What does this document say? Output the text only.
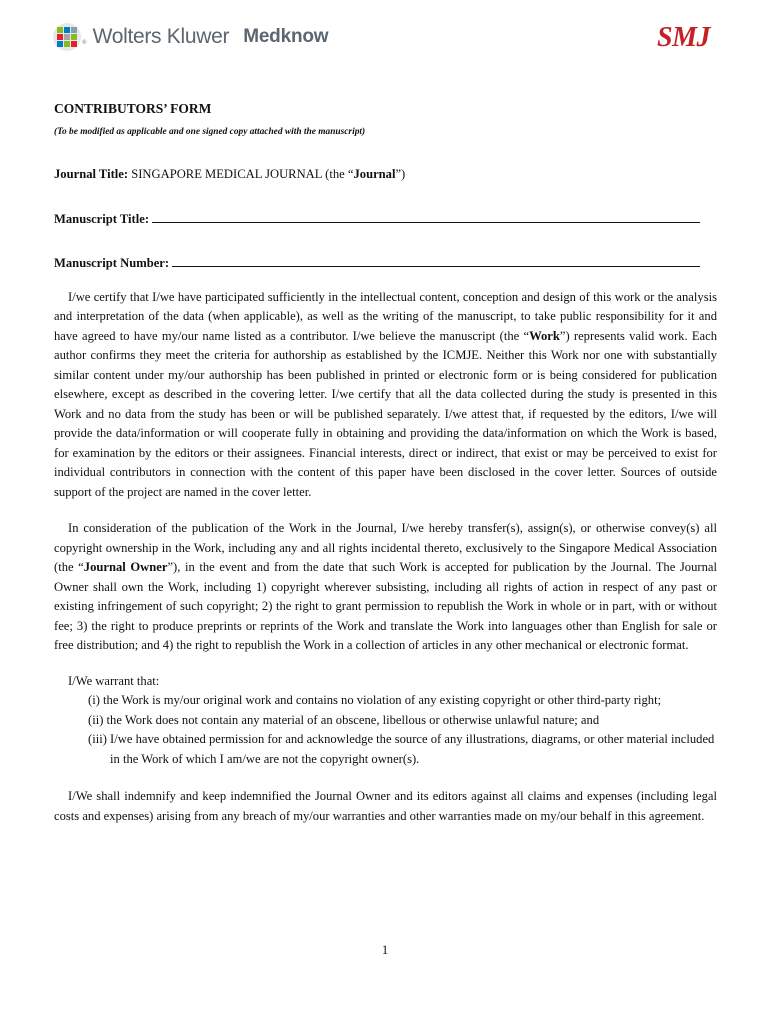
® Wolters Kluwer Medknow	SMJ
CONTRIBUTORS’ FORM
(To be modified as applicable and one signed copy attached with the manuscript)
Journal Title: SINGAPORE MEDICAL JOURNAL (the “Journal”)
Manuscript Title:
Manuscript Number:
I/we certify that I/we have participated sufficiently in the intellectual content, conception and design of this work or the analysis and interpretation of the data (when applicable), as well as the writing of the manuscript, to take public responsibility for it and have agreed to have my/our name listed as a contributor. I/we believe the manuscript (the “Work”) represents valid work. Each author confirms they meet the criteria for authorship as established by the ICMJE. Neither this Work nor one with substantially similar content under my/our authorship has been published in printed or electronic form or is being considered for publication elsewhere, except as described in the covering letter. I/we certify that all the data collected during the study is presented in this Work and no data from the study has been or will be published separately. I/we attest that, if requested by the editors, I/we will provide the data/information or will cooperate fully in obtaining and providing the data/information on which the Work is based, for examination by the editors or their assignees. Financial interests, direct or indirect, that exist or may be perceived to exist for individual contributors in connection with the content of this paper have been disclosed in the cover letter. Sources of outside support of the project are named in the cover letter.
In consideration of the publication of the Work in the Journal, I/we hereby transfer(s), assign(s), or otherwise convey(s) all copyright ownership in the Work, including any and all rights incidental thereto, exclusively to the Singapore Medical Association (the “Journal Owner”), in the event and from the date that such Work is accepted for publication by the Journal. The Journal Owner shall own the Work, including 1) copyright wherever subsisting, including all rights of action in respect of any past or existing infringement of such copyright; 2) the right to grant permission to republish the Work in whole or in part, with or without fee; 3) the right to produce preprints or reprints of the Work and translate the Work into languages other than English for sale or free distribution; and 4) the right to republish the Work in a collection of articles in any other mechanical or electronic format.
I/We warrant that:
(i) the Work is my/our original work and contains no violation of any existing copyright or other third-party right;
(ii) the Work does not contain any material of an obscene, libellous or otherwise unlawful nature; and
(iii) I/we have obtained permission for and acknowledge the source of any illustrations, diagrams, or other material included in the Work of which I am/we are not the copyright owner(s).
I/We shall indemnify and keep indemnified the Journal Owner and its editors against all claims and expenses (including legal costs and expenses) arising from any breach of my/our warranties and other warranties made on my/our behalf in this agreement.
1
